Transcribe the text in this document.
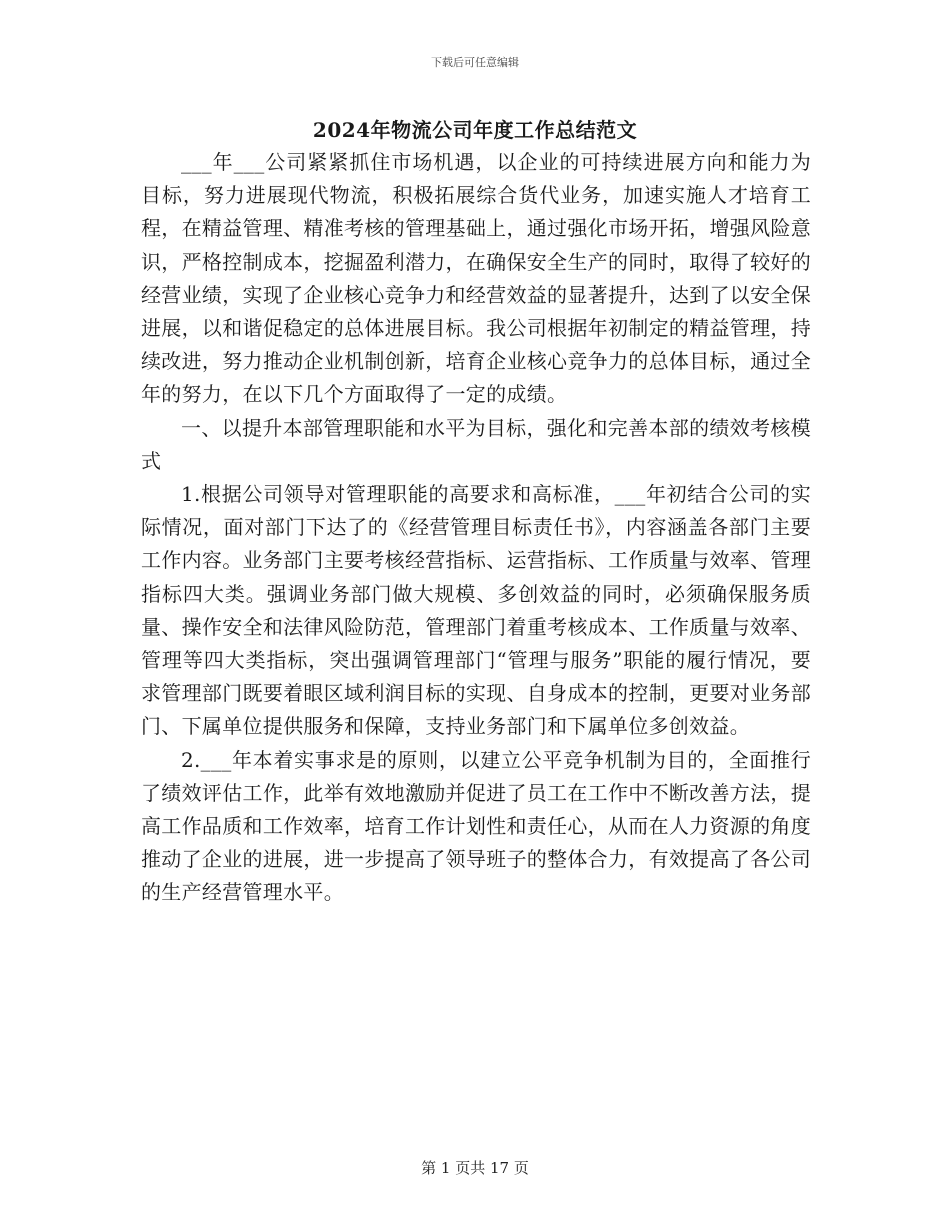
下载后可任意编辑
2024年物流公司年度工作总结范文

___年___公司紧紧抓住市场机遇，以企业的可持续进展方向和能力为目标，努力进展现代物流，积极拓展综合货代业务，加速实施人才培育工程，在精益管理、精准考核的管理基础上，通过强化市场开拓，增强风险意识，严格控制成本，挖掘盈利潜力，在确保安全生产的同时，取得了较好的经营业绩，实现了企业核心竞争力和经营效益的显著提升，达到了以安全保进展，以和谐促稳定的总体进展目标。我公司根据年初制定的精益管理，持续改进，努力推动企业机制创新，培育企业核心竞争力的总体目标，通过全年的努力，在以下几个方面取得了一定的成绩。

一、以提升本部管理职能和水平为目标，强化和完善本部的绩效考核模式

1.根据公司领导对管理职能的高要求和高标准，___年初结合公司的实际情况，面对部门下达了的《经营管理目标责任书》，内容涵盖各部门主要工作内容。业务部门主要考核经营指标、运营指标、工作质量与效率、管理指标四大类。强调业务部门做大规模、多创效益的同时，必须确保服务质量、操作安全和法律风险防范，管理部门着重考核成本、工作质量与效率、管理等四大类指标，突出强调管理部门“管理与服务”职能的履行情况，要求管理部门既要着眼区域利润目标的实现、自身成本的控制，更要对业务部门、下属单位提供服务和保障，支持业务部门和下属单位多创效益。

2.___年本着实事求是的原则，以建立公平竞争机制为目的，全面推行了绩效评估工作，此举有效地激励并促进了员工在工作中不断改善方法，提高工作品质和工作效率，培育工作计划性和责任心，从而在人力资源的角度推动了企业的进展，进一步提高了领导班子的整体合力，有效提高了各公司的生产经营管理水平。

第 1 页共 17 页
